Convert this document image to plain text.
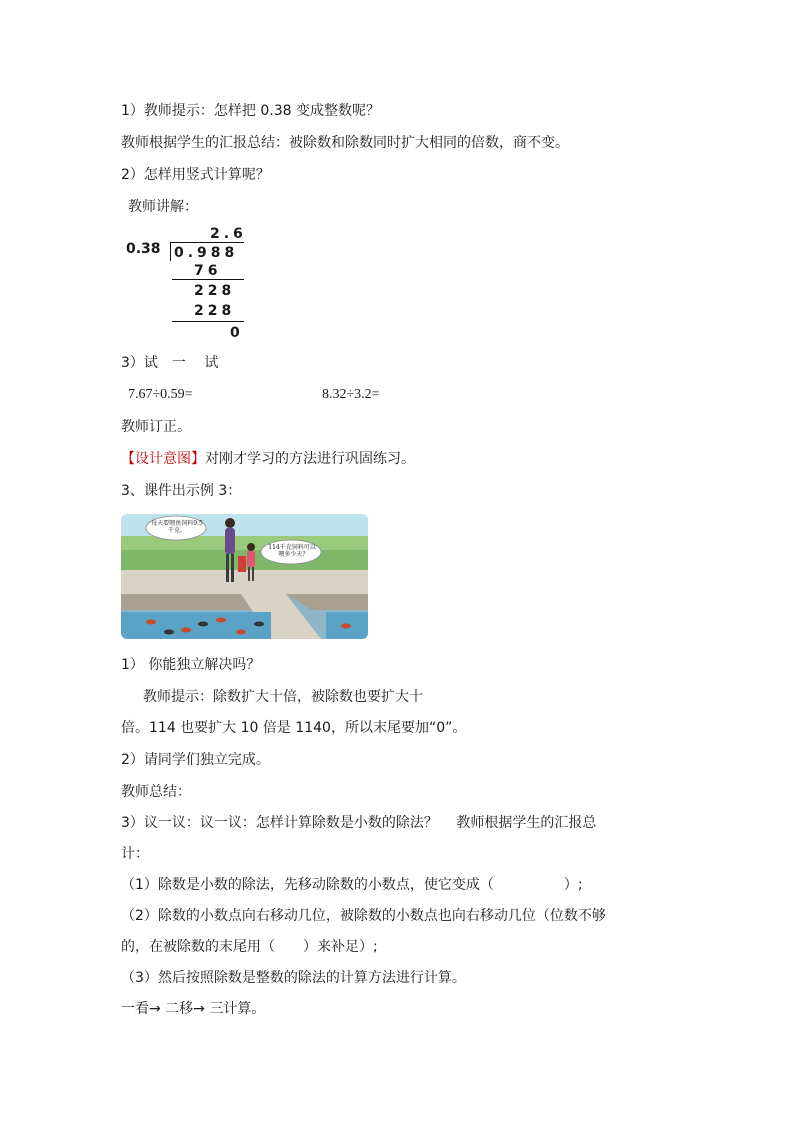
1）教师提示：怎样把 0.38 变成整数呢？
教师根据学生的汇报总结：被除数和除数同时扩大相同的倍数，商不变。
2）怎样用竖式计算呢？
教师讲解：
2.6
0.38 0.988
76
228
228
0
3）试　一　 试
7.67÷0.59=	8.32÷3.2=
教师订正。
【设计意图】对刚才学习的方法进行巩固练习。
3、课件出示例 3：
每天要喂鱼饲料9.5千克。
114千克饲料可以喂多少天?
1） 你能独立解决吗？
教师提示：除数扩大十倍，被除数也要扩大十
倍。114 也要扩大 10 倍是 1140，所以末尾要加“0”。
2）请同学们独立完成。
教师总结：
3）议一议：议一议：怎样计算除数是小数的除法？　 教师根据学生的汇报总
计：
（1）除数是小数的除法，先移动除数的小数点，使它变成（　　　　　）;
（2）除数的小数点向右移动几位，被除数的小数点也向右移动几位（位数不够
的，在被除数的末尾用（　　）来补足）;
（3）然后按照除数是整数的除法的计算方法进行计算。
一看→ 二移→ 三计算。
